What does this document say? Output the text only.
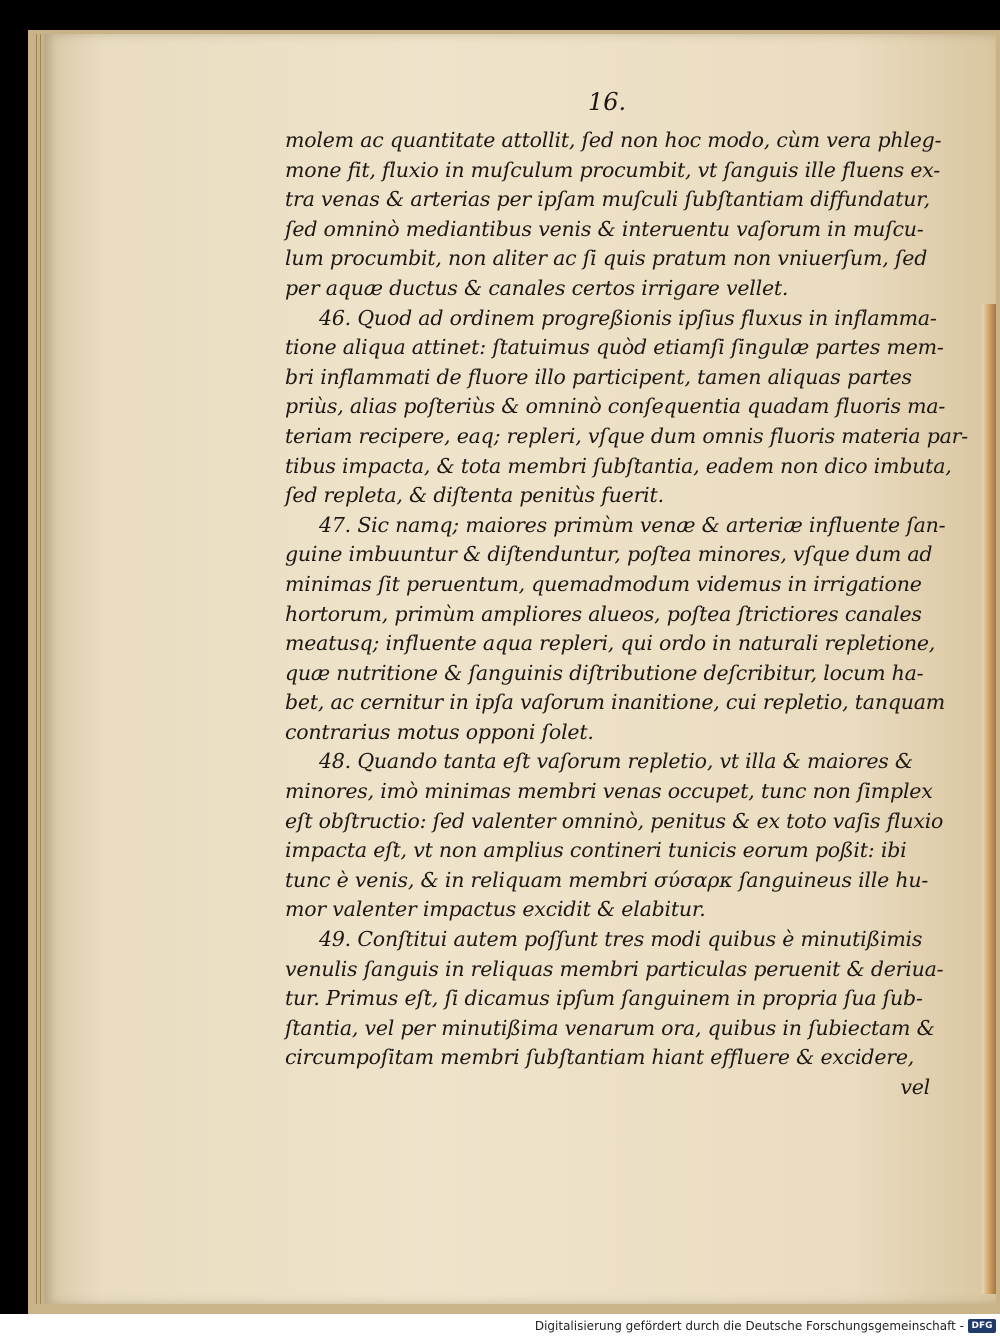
16.
molem ac quantitate attollit, ſed non hoc modo, cùm vera phleg-
mone fit, fluxio in muſculum procumbit, vt ſanguis ille fluens ex-
tra venas & arterias per ipſam muſculi ſubſtantiam diffundatur,
ſed omninò mediantibus venis & interuentu vaſorum in muſcu-
lum procumbit, non aliter ac ſi quis pratum non vniuerſum, ſed
per aquæ ductus & canales certos irrigare vellet.
46. Quod ad ordinem progreßionis ipſius fluxus in inflamma-
tione aliqua attinet: ſtatuimus quòd etiamſi ſingulæ partes mem-
bri inflammati de fluore illo participent, tamen aliquas partes
priùs, alias poſteriùs & omninò conſequentia quadam fluoris ma-
teriam recipere, eaq; repleri, vſque dum omnis fluoris materia par-
tibus impacta, & tota membri ſubſtantia, eadem non dico imbuta,
ſed repleta, & diſtenta penitùs fuerit.
47. Sic namq; maiores primùm venæ & arteriæ influente ſan-
guine imbuuntur & diſtenduntur, poſtea minores, vſque dum ad
minimas ſit peruentum, quemadmodum videmus in irrigatione
hortorum, primùm ampliores alueos, poſtea ſtrictiores canales
meatusq; influente aqua repleri, qui ordo in naturali repletione,
quæ nutritione & ſanguinis diſtributione deſcribitur, locum ha-
bet, ac cernitur in ipſa vaſorum inanitione, cui repletio, tanquam
contrarius motus opponi ſolet.
48. Quando tanta eſt vaſorum repletio, vt illa & maiores &
minores, imò minimas membri venas occupet, tunc non ſimplex
eſt obſtructio: ſed valenter omninò, penitus & ex toto vaſis fluxio
impacta eſt, vt non amplius contineri tunicis eorum poßit: ibi
tunc è venis, & in reliquam membri σύσαρκ ſanguineus ille hu-
mor valenter impactus excidit & elabitur.
49. Conſtitui autem poſſunt tres modi quibus è minutißimis
venulis ſanguis in reliquas membri particulas peruenit & deriua-
tur. Primus eſt, ſi dicamus ipſum ſanguinem in propria ſua ſub-
ſtantia, vel per minutißima venarum ora, quibus in ſubiectam &
circumpoſitam membri ſubſtantiam hiant effluere & excidere,
vel
Digitalisierung gefördert durch die Deutsche Forschungsgemeinschaft - DFG
